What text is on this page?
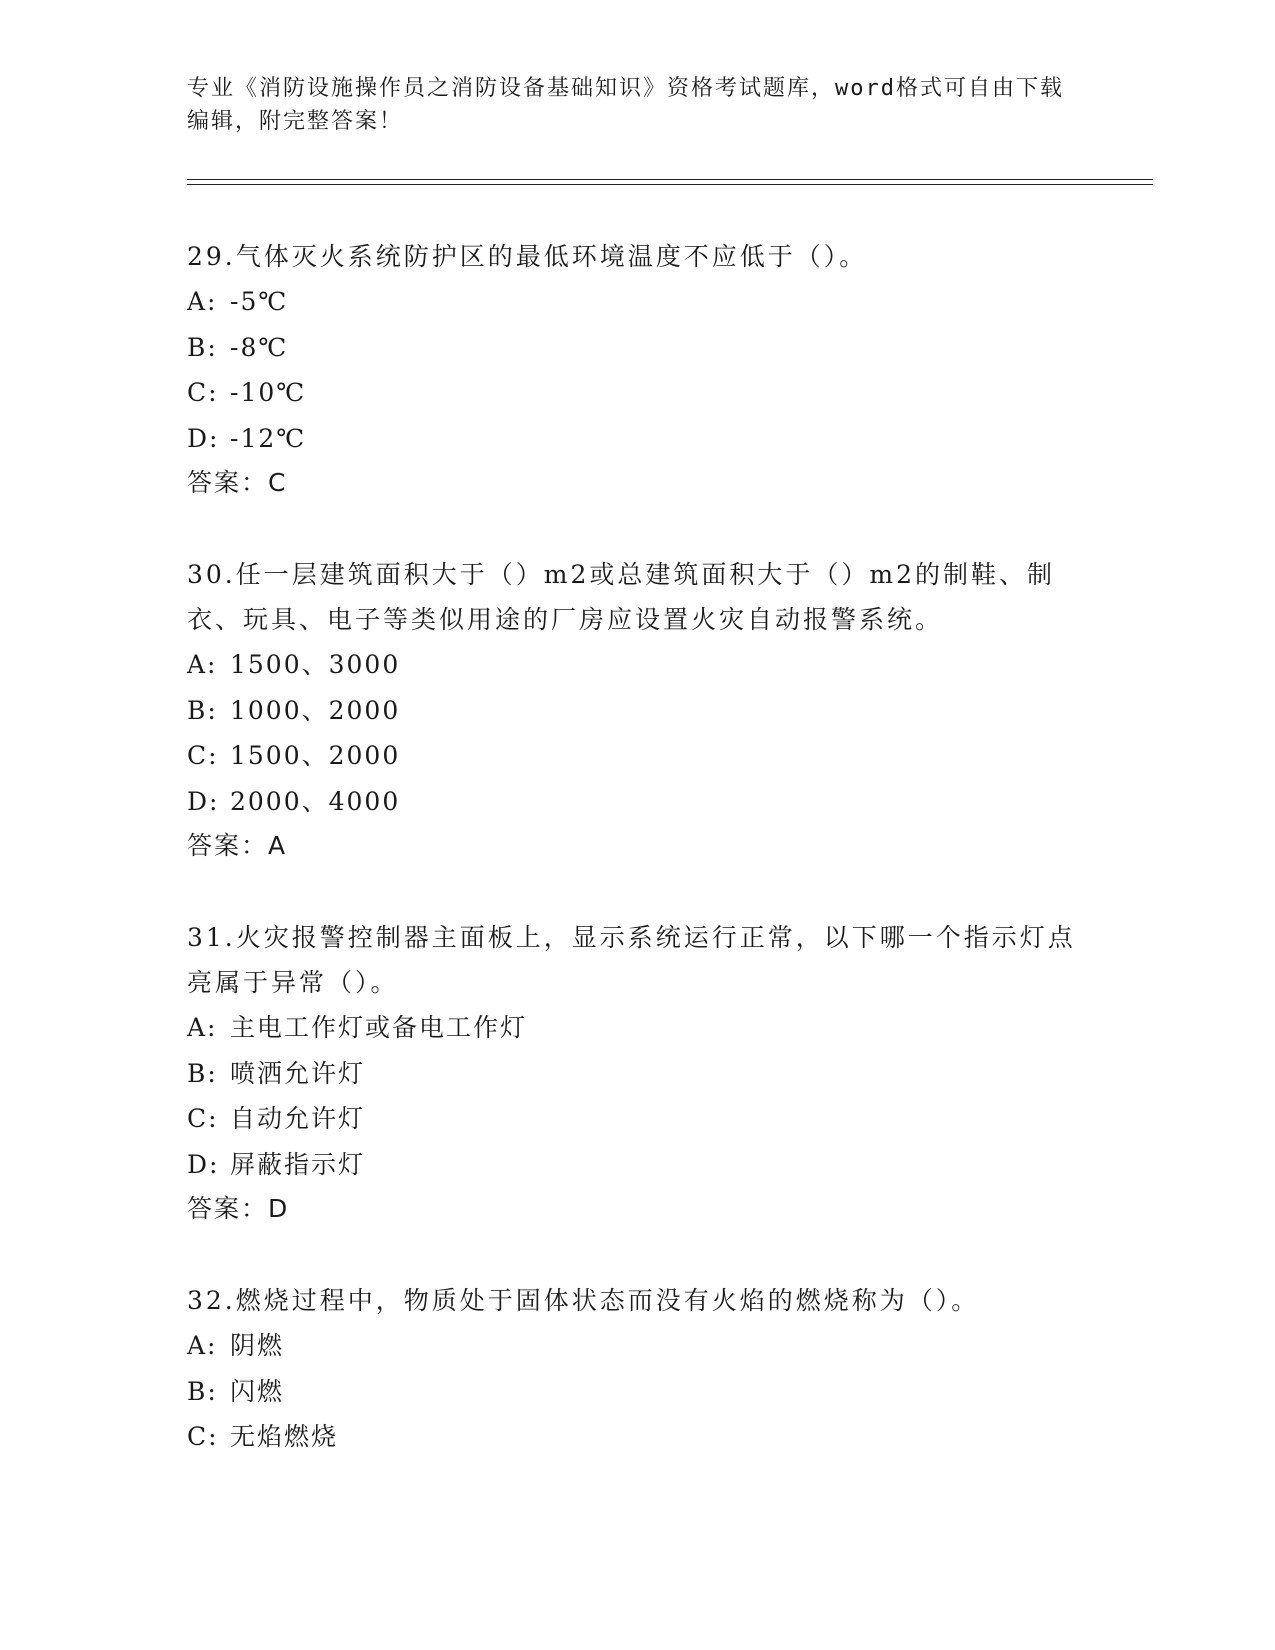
专业《消防设施操作员之消防设备基础知识》资格考试题库，word格式可自由下载编辑，附完整答案！

29.气体灭火系统防护区的最低环境温度不应低于（）。

A: -5℃

B: -8℃

C: -10℃

D: -12℃

答案：C

30.任一层建筑面积大于（）m2或总建筑面积大于（）m2的制鞋、制衣、玩具、电子等类似用途的厂房应设置火灾自动报警系统。

A: 1500、3000

B: 1000、2000

C: 1500、2000

D: 2000、4000

答案：A

31.火灾报警控制器主面板上，显示系统运行正常，以下哪一个指示灯点亮属于异常（）。

A: 主电工作灯或备电工作灯

B: 喷洒允许灯

C: 自动允许灯

D: 屏蔽指示灯

答案：D

32.燃烧过程中，物质处于固体状态而没有火焰的燃烧称为（）。

A: 阴燃

B: 闪燃

C: 无焰燃烧
